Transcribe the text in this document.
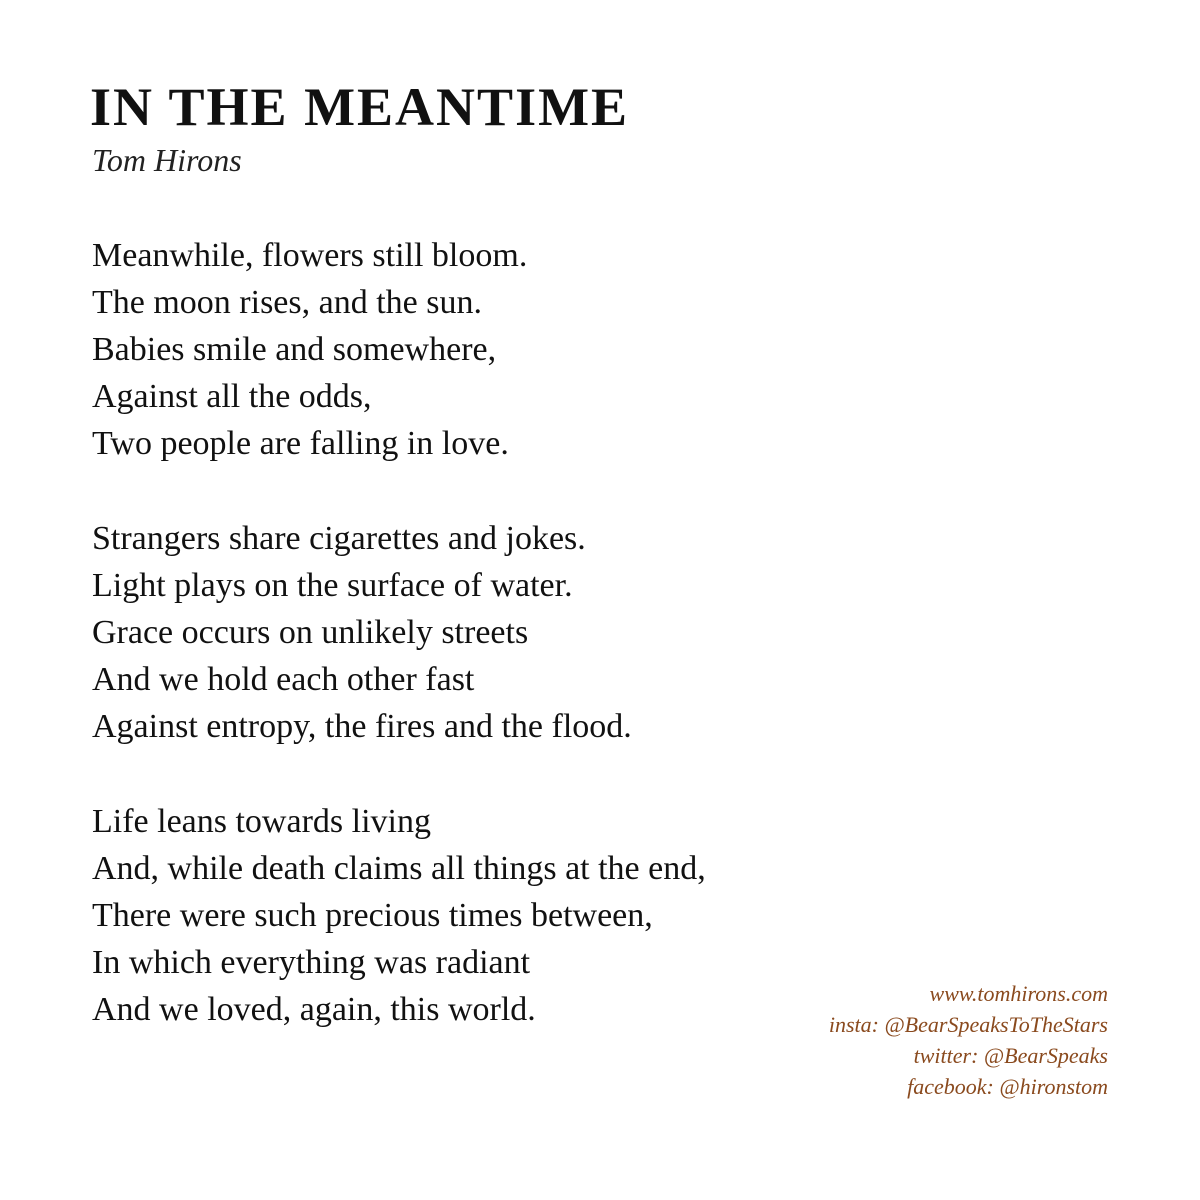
IN THE MEANTIME
Tom Hirons
Meanwhile, flowers still bloom.
The moon rises, and the sun.
Babies smile and somewhere,
Against all the odds,
Two people are falling in love.
Strangers share cigarettes and jokes.
Light plays on the surface of water.
Grace occurs on unlikely streets
And we hold each other fast
Against entropy, the fires and the flood.
Life leans towards living
And, while death claims all things at the end,
There were such precious times between,
In which everything was radiant
And we loved, again, this world.	www.tomhirons.com
insta: @BearSpeaksToTheStars
twitter: @BearSpeaks
facebook: @hironstom
